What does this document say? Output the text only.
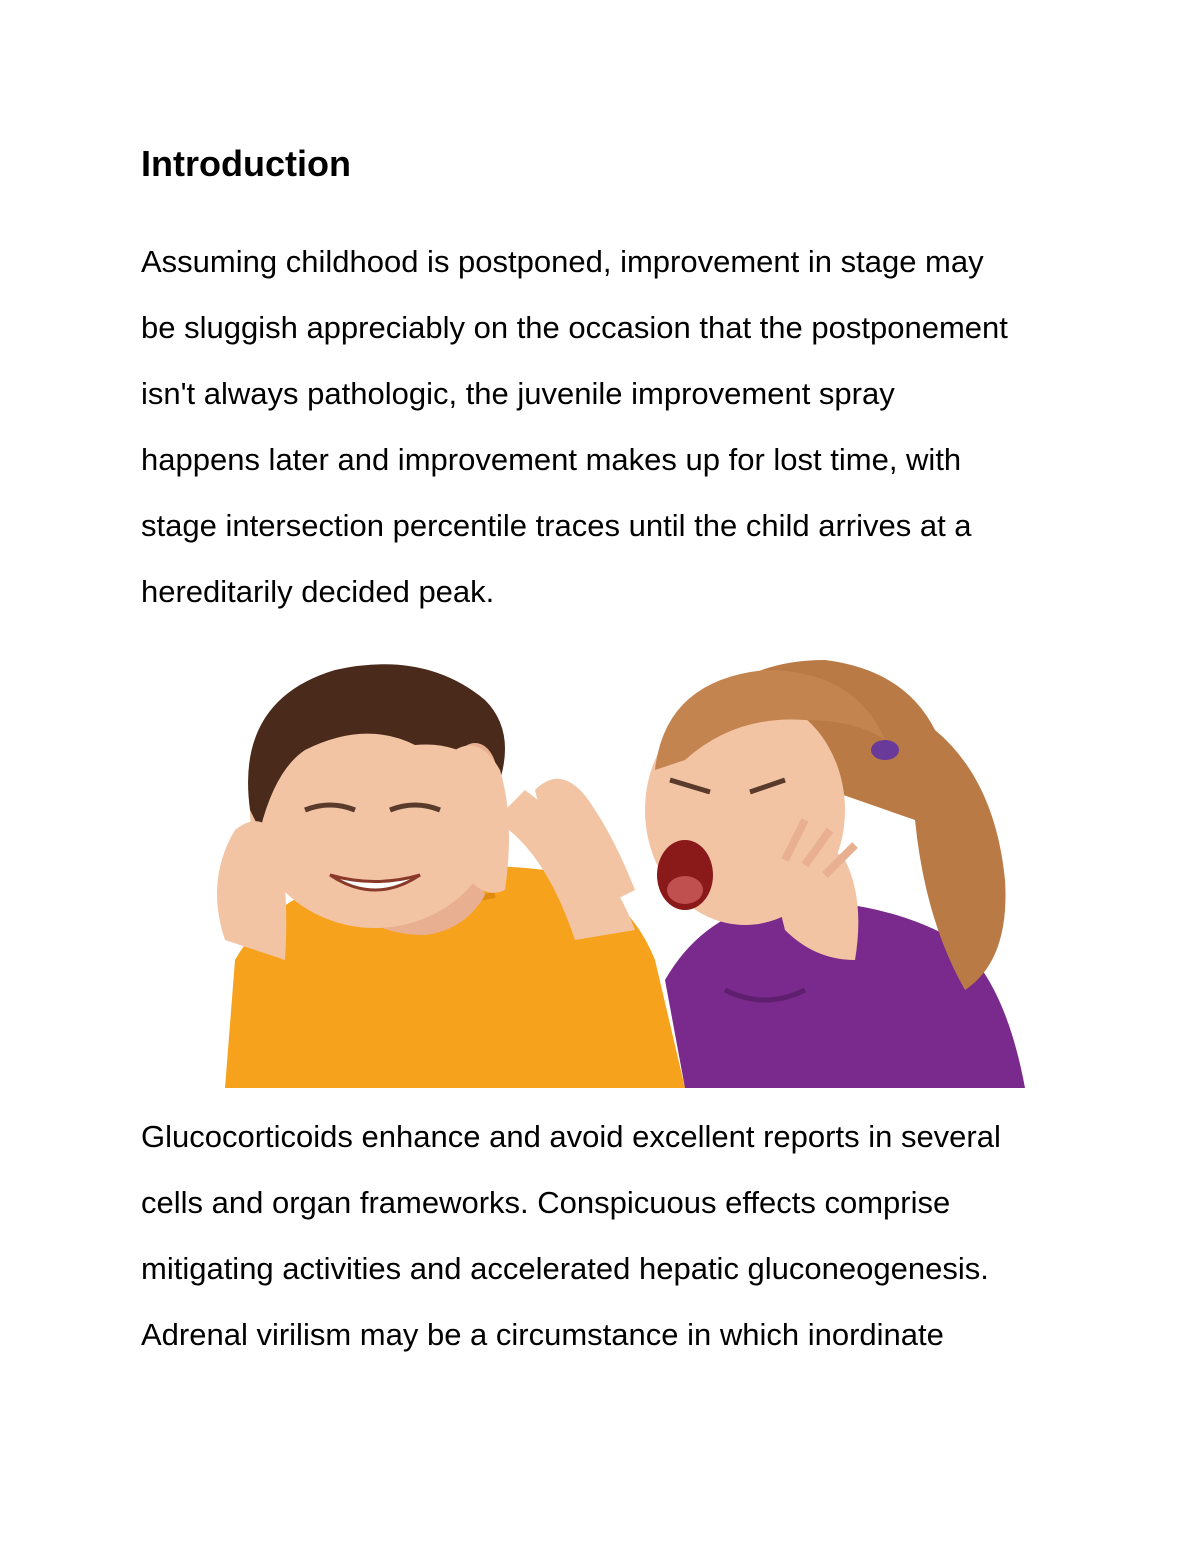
Introduction

Assuming childhood is postponed, improvement in stage may
be sluggish appreciably on the occasion that the postponement
isn't always pathologic, the juvenile improvement spray
happens later and improvement makes up for lost time, with
stage intersection percentile traces until the child arrives at a
hereditarily decided peak.

Glucocorticoids enhance and avoid excellent reports in several
cells and organ frameworks. Conspicuous effects comprise
mitigating activities and accelerated hepatic gluconeogenesis.
Adrenal virilism may be a circumstance in which inordinate
